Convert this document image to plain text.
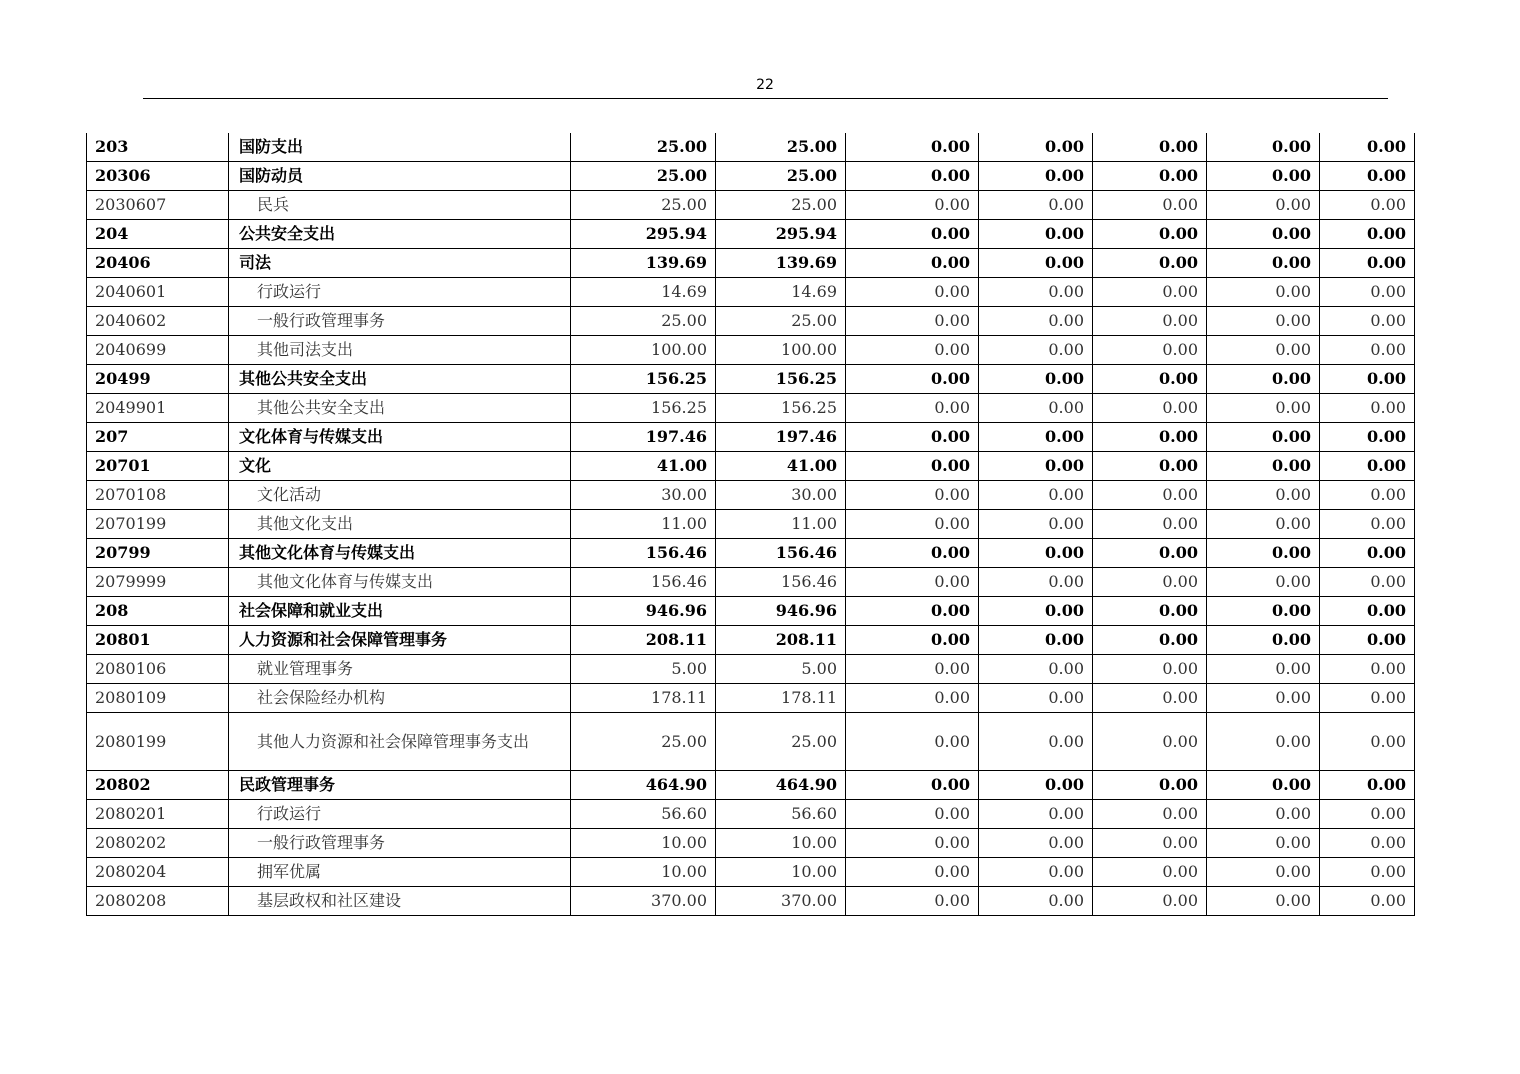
22
203	国防支出	25.00	25.00	0.00	0.00	0.00	0.00	0.00
20306	国防动员	25.00	25.00	0.00	0.00	0.00	0.00	0.00
2030607	民兵	25.00	25.00	0.00	0.00	0.00	0.00	0.00
204	公共安全支出	295.94	295.94	0.00	0.00	0.00	0.00	0.00
20406	司法	139.69	139.69	0.00	0.00	0.00	0.00	0.00
2040601	行政运行	14.69	14.69	0.00	0.00	0.00	0.00	0.00
2040602	一般行政管理事务	25.00	25.00	0.00	0.00	0.00	0.00	0.00
2040699	其他司法支出	100.00	100.00	0.00	0.00	0.00	0.00	0.00
20499	其他公共安全支出	156.25	156.25	0.00	0.00	0.00	0.00	0.00
2049901	其他公共安全支出	156.25	156.25	0.00	0.00	0.00	0.00	0.00
207	文化体育与传媒支出	197.46	197.46	0.00	0.00	0.00	0.00	0.00
20701	文化	41.00	41.00	0.00	0.00	0.00	0.00	0.00
2070108	文化活动	30.00	30.00	0.00	0.00	0.00	0.00	0.00
2070199	其他文化支出	11.00	11.00	0.00	0.00	0.00	0.00	0.00
20799	其他文化体育与传媒支出	156.46	156.46	0.00	0.00	0.00	0.00	0.00
2079999	其他文化体育与传媒支出	156.46	156.46	0.00	0.00	0.00	0.00	0.00
208	社会保障和就业支出	946.96	946.96	0.00	0.00	0.00	0.00	0.00
20801	人力资源和社会保障管理事务	208.11	208.11	0.00	0.00	0.00	0.00	0.00
2080106	就业管理事务	5.00	5.00	0.00	0.00	0.00	0.00	0.00
2080109	社会保险经办机构	178.11	178.11	0.00	0.00	0.00	0.00	0.00
2080199	其他人力资源和社会保障管理事务支出	25.00	25.00	0.00	0.00	0.00	0.00	0.00
20802	民政管理事务	464.90	464.90	0.00	0.00	0.00	0.00	0.00
2080201	行政运行	56.60	56.60	0.00	0.00	0.00	0.00	0.00
2080202	一般行政管理事务	10.00	10.00	0.00	0.00	0.00	0.00	0.00
2080204	拥军优属	10.00	10.00	0.00	0.00	0.00	0.00	0.00
2080208	基层政权和社区建设	370.00	370.00	0.00	0.00	0.00	0.00	0.00
